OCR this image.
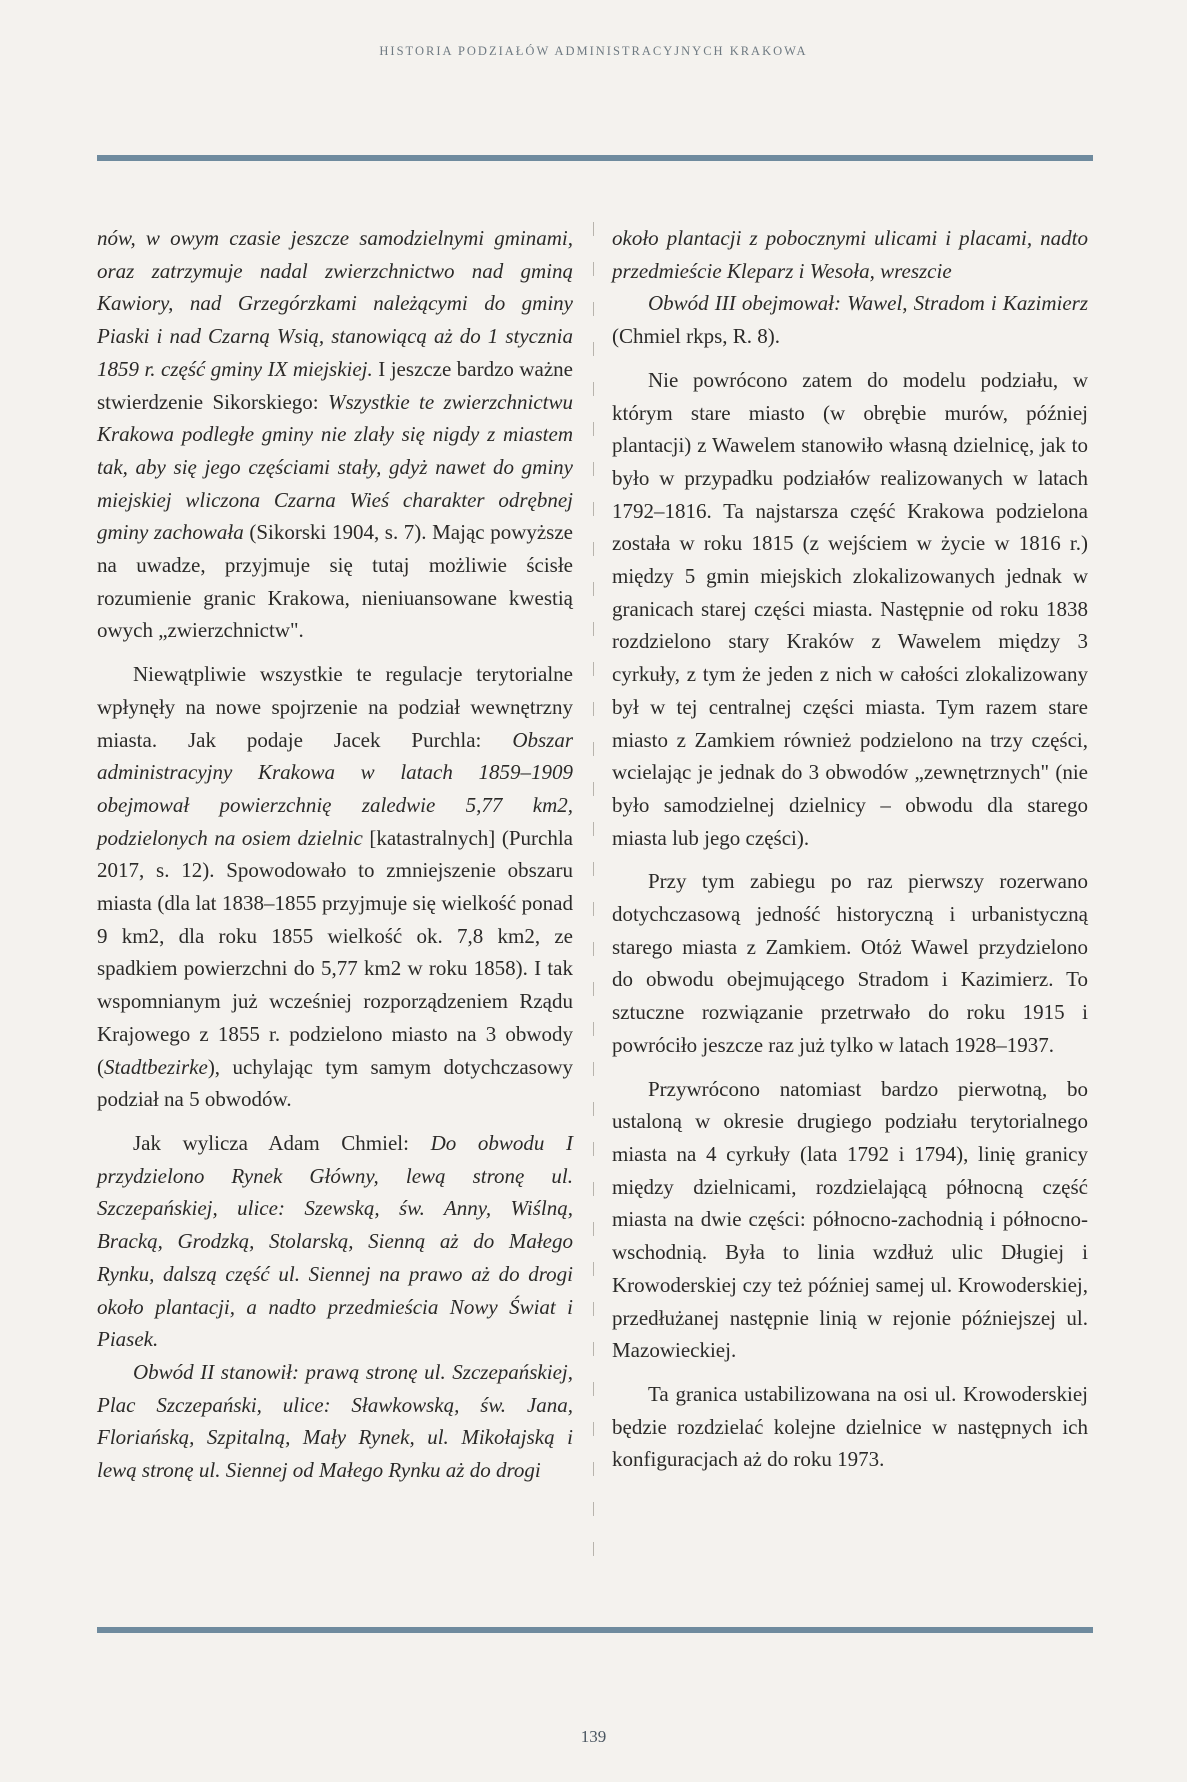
HISTORIA PODZIAŁÓW ADMINISTRACYJNYCH KRAKOWA

nów, w owym czasie jeszcze samodzielnymi gminami, oraz zatrzymuje nadal zwierzchnictwo nad gminą Kawiory, nad Grzegórzkami należącymi do gminy Piaski i nad Czarną Wsią, stanowiącą aż do 1 stycznia 1859 r. część gminy IX miejskiej. I jeszcze bardzo ważne stwierdzenie Sikorskiego: Wszystkie te zwierzchnictwu Krakowa podległe gminy nie zlały się nigdy z miastem tak, aby się jego częściami stały, gdyż nawet do gminy miejskiej wliczona Czarna Wieś charakter odrębnej gminy zachowała (Sikorski 1904, s. 7). Mając powyższe na uwadze, przyjmuje się tutaj możliwie ścisłe rozumienie granic Krakowa, nieniuansowane kwestią owych „zwierzchnictw".

Niewątpliwie wszystkie te regulacje terytorialne wpłynęły na nowe spojrzenie na podział wewnętrzny miasta. Jak podaje Jacek Purchla: Obszar administracyjny Krakowa w latach 1859–1909 obejmował powierzchnię zaledwie 5,77 km2, podzielonych na osiem dzielnic [katastralnych] (Purchla 2017, s. 12). Spowodowało to zmniejszenie obszaru miasta (dla lat 1838–1855 przyjmuje się wielkość ponad 9 km2, dla roku 1855 wielkość ok. 7,8 km2, ze spadkiem powierzchni do 5,77 km2 w roku 1858). I tak wspomnianym już wcześniej rozporządzeniem Rządu Krajowego z 1855 r. podzielono miasto na 3 obwody (Stadtbezirke), uchylając tym samym dotychczasowy podział na 5 obwodów.

Jak wylicza Adam Chmiel: Do obwodu I przydzielono Rynek Główny, lewą stronę ul. Szczepańskiej, ulice: Szewską, św. Anny, Wiślną, Bracką, Grodzką, Stolarską, Sienną aż do Małego Rynku, dalszą część ul. Siennej na prawo aż do drogi około plantacji, a nadto przedmieścia Nowy Świat i Piasek.

Obwód II stanowił: prawą stronę ul. Szczepańskiej, Plac Szczepański, ulice: Sławkowską, św. Jana, Floriańską, Szpitalną, Mały Rynek, ul. Mikołajską i lewą stronę ul. Siennej od Małego Rynku aż do drogi

około plantacji z pobocznymi ulicami i placami, nadto przedmieście Kleparz i Wesoła, wreszcie

Obwód III obejmował: Wawel, Stradom i Kazimierz (Chmiel rkps, R. 8).

Nie powrócono zatem do modelu podziału, w którym stare miasto (w obrębie murów, później plantacji) z Wawelem stanowiło własną dzielnicę, jak to było w przypadku podziałów realizowanych w latach 1792–1816. Ta najstarsza część Krakowa podzielona została w roku 1815 (z wejściem w życie w 1816 r.) między 5 gmin miejskich zlokalizowanych jednak w granicach starej części miasta. Następnie od roku 1838 rozdzielono stary Kraków z Wawelem między 3 cyrkuły, z tym że jeden z nich w całości zlokalizowany był w tej centralnej części miasta. Tym razem stare miasto z Zamkiem również podzielono na trzy części, wcielając je jednak do 3 obwodów „zewnętrznych" (nie było samodzielnej dzielnicy – obwodu dla starego miasta lub jego części).

Przy tym zabiegu po raz pierwszy rozerwano dotychczasową jedność historyczną i urbanistyczną starego miasta z Zamkiem. Otóż Wawel przydzielono do obwodu obejmującego Stradom i Kazimierz. To sztuczne rozwiązanie przetrwało do roku 1915 i powróciło jeszcze raz już tylko w latach 1928–1937.

Przywrócono natomiast bardzo pierwotną, bo ustaloną w okresie drugiego podziału terytorialnego miasta na 4 cyrkuły (lata 1792 i 1794), linię granicy między dzielnicami, rozdzielającą północną część miasta na dwie części: północno-zachodnią i północno-wschodnią. Była to linia wzdłuż ulic Długiej i Krowoderskiej czy też później samej ul. Krowoderskiej, przedłużanej następnie linią w rejonie późniejszej ul. Mazowieckiej.

Ta granica ustabilizowana na osi ul. Krowoderskiej będzie rozdzielać kolejne dzielnice w następnych ich konfiguracjach aż do roku 1973.

139
